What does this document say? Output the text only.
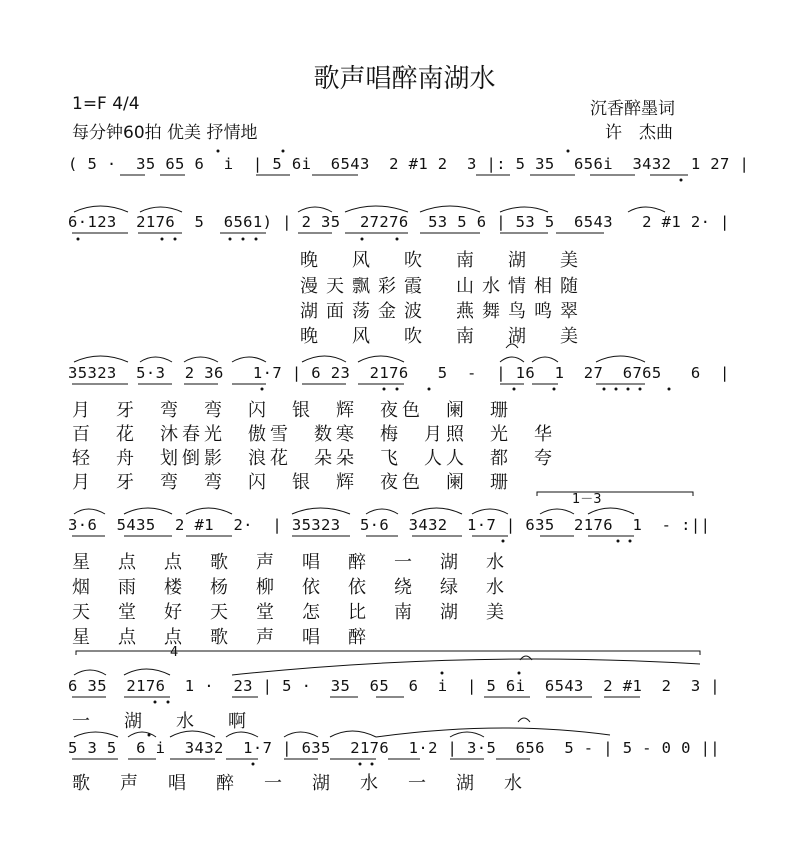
歌声唱醉南湖水
1=F 4/4
每分钟60拍 优美 抒情地
沉香醉墨词
许　杰曲
( 5 ·  35 65 6  i  | 5 6i  6543  2 #1 2  3 |: 5 35  656i  3432  1 27 |
6·123  2176  5  6561) | 2 35  27276  53 5 6 | 53 5  6543   2 #1 2· |
晚　风　吹　南　湖　美
漫天飘彩霞　山水情相随
湖面荡金波　燕舞鸟鸣翠
晚　风　吹　南　湖　美
35323  5·3  2 36   1·7 | 6 23  2176   5  -  | 16  1  27  6765   6  |
月　牙　弯　弯　闪　银　辉　夜色　阑　珊
百　花　沐春光　傲雪　数寒　梅　月照　光　华
轻　舟　划倒影　浪花　朵朵　飞　人人　都　夸
月　牙　弯　弯　闪　银　辉　夜色　阑　珊
1－3
3·6  5435  2 #1  2·  | 35323  5·6  3432  1·7 | 635  2176  1  - :||
星　点　点　歌　声　唱　醉　一　湖　水
烟　雨　楼　杨　柳　依　依　绕　绿　水
天　堂　好　天　堂　怎　比　南　湖　美
星　点　点　歌　声　唱　醉
4
6 35  2176  1 ·  23 | 5 ·  35  65  6  i  | 5 6i  6543  2 #1  2  3 |
一　湖　水　啊
5 3 5  6 i  3432  1·7 | 635  2176  1·2 | 3·5  656  5 - | 5 - 0 0 ||
歌　声　唱　醉　一　湖　水　一　湖　水
